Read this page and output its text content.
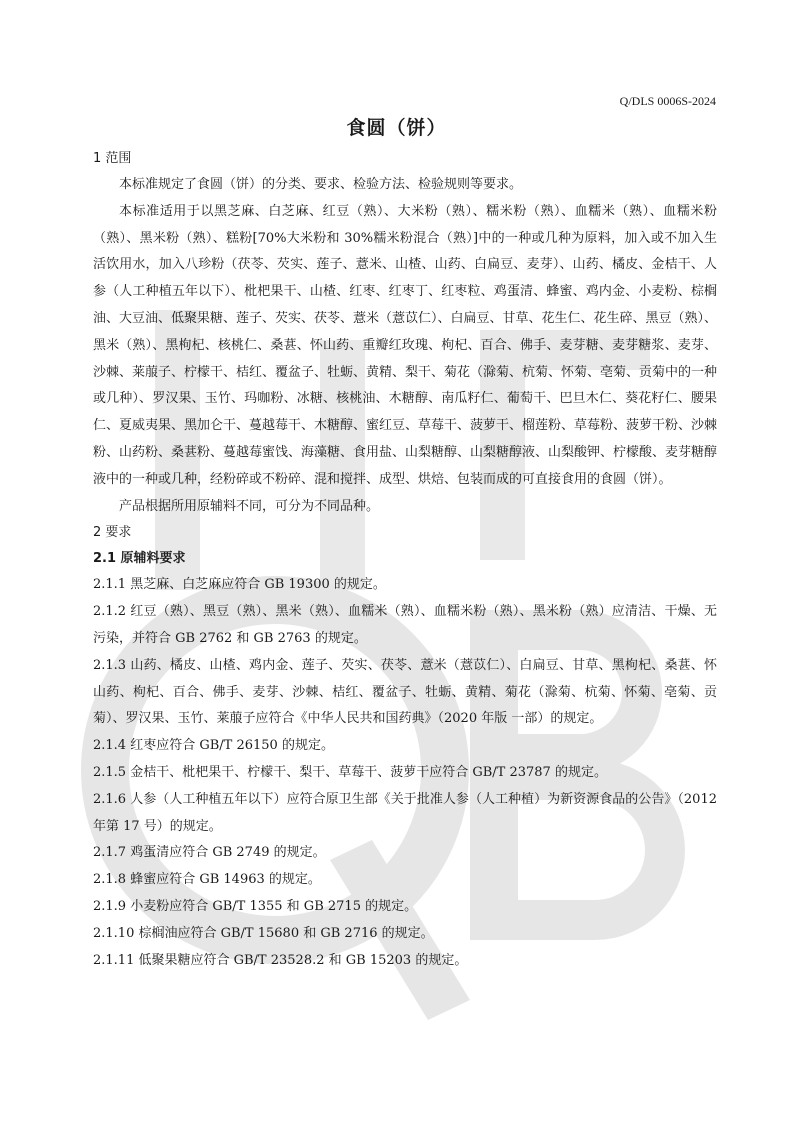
Q	B
Q/DLS 0006S-2024
食圆（饼）
1 范围

本标准规定了食圆（饼）的分类、要求、检验方法、检验规则等要求。

本标准适用于以黑芝麻、白芝麻、红豆（熟）、大米粉（熟）、糯米粉（熟）、血糯米（熟）、血糯米粉（熟）、黑米粉（熟）、糕粉[70%大米粉和 30%糯米粉混合（熟）]中的一种或几种为原料，加入或不加入生活饮用水，加入八珍粉（茯苓、芡实、莲子、薏米、山楂、山药、白扁豆、麦芽）、山药、橘皮、金桔干、人参（人工种植五年以下）、枇杷果干、山楂、红枣、红枣丁、红枣粒、鸡蛋清、蜂蜜、鸡内金、小麦粉、棕榈油、大豆油、低聚果糖、莲子、芡实、茯苓、薏米（薏苡仁）、白扁豆、甘草、花生仁、花生碎、黑豆（熟）、黑米（熟）、黑枸杞、核桃仁、桑葚、怀山药、重瓣红玫瑰、枸杞、百合、佛手、麦芽糖、麦芽糖浆、麦芽、沙棘、莱菔子、柠檬干、桔红、覆盆子、牡蛎、黄精、梨干、菊花（滁菊、杭菊、怀菊、亳菊、贡菊中的一种或几种）、罗汉果、玉竹、玛咖粉、冰糖、核桃油、木糖醇、南瓜籽仁、葡萄干、巴旦木仁、葵花籽仁、腰果仁、夏威夷果、黑加仑干、蔓越莓干、木糖醇、蜜红豆、草莓干、菠萝干、榴莲粉、草莓粉、菠萝干粉、沙棘粉、山药粉、桑葚粉、蔓越莓蜜饯、海藻糖、食用盐、山梨糖醇、山梨糖醇液、山梨酸钾、柠檬酸、麦芽糖醇液中的一种或几种，经粉碎或不粉碎、混和搅拌、成型、烘焙、包装而成的可直接食用的食圆（饼）。

产品根据所用原辅料不同，可分为不同品种。

2 要求
2.1 原辅料要求

2.1.1 黑芝麻、白芝麻应符合 GB 19300 的规定。

2.1.2 红豆（熟）、黑豆（熟）、黑米（熟）、血糯米（熟）、血糯米粉（熟）、黑米粉（熟）应清洁、干燥、无污染，并符合 GB 2762 和 GB 2763 的规定。

2.1.3 山药、橘皮、山楂、鸡内金、莲子、芡实、茯苓、薏米（薏苡仁）、白扁豆、甘草、黑枸杞、桑葚、怀山药、枸杞、百合、佛手、麦芽、沙棘、桔红、覆盆子、牡蛎、黄精、菊花（滁菊、杭菊、怀菊、亳菊、贡菊）、罗汉果、玉竹、莱菔子应符合《中华人民共和国药典》（2020 年版 一部）的规定。

2.1.4 红枣应符合 GB/T 26150 的规定。

2.1.5 金桔干、枇杷果干、柠檬干、梨干、草莓干、菠萝干应符合 GB/T 23787 的规定。

2.1.6 人参（人工种植五年以下）应符合原卫生部《关于批准人参（人工种植）为新资源食品的公告》（2012 年第 17 号）的规定。

2.1.7 鸡蛋清应符合 GB 2749 的规定。

2.1.8 蜂蜜应符合 GB 14963 的规定。

2.1.9 小麦粉应符合 GB/T 1355 和 GB 2715 的规定。

2.1.10 棕榈油应符合 GB/T 15680 和 GB 2716 的规定。

2.1.11 低聚果糖应符合 GB/T 23528.2 和 GB 15203 的规定。
